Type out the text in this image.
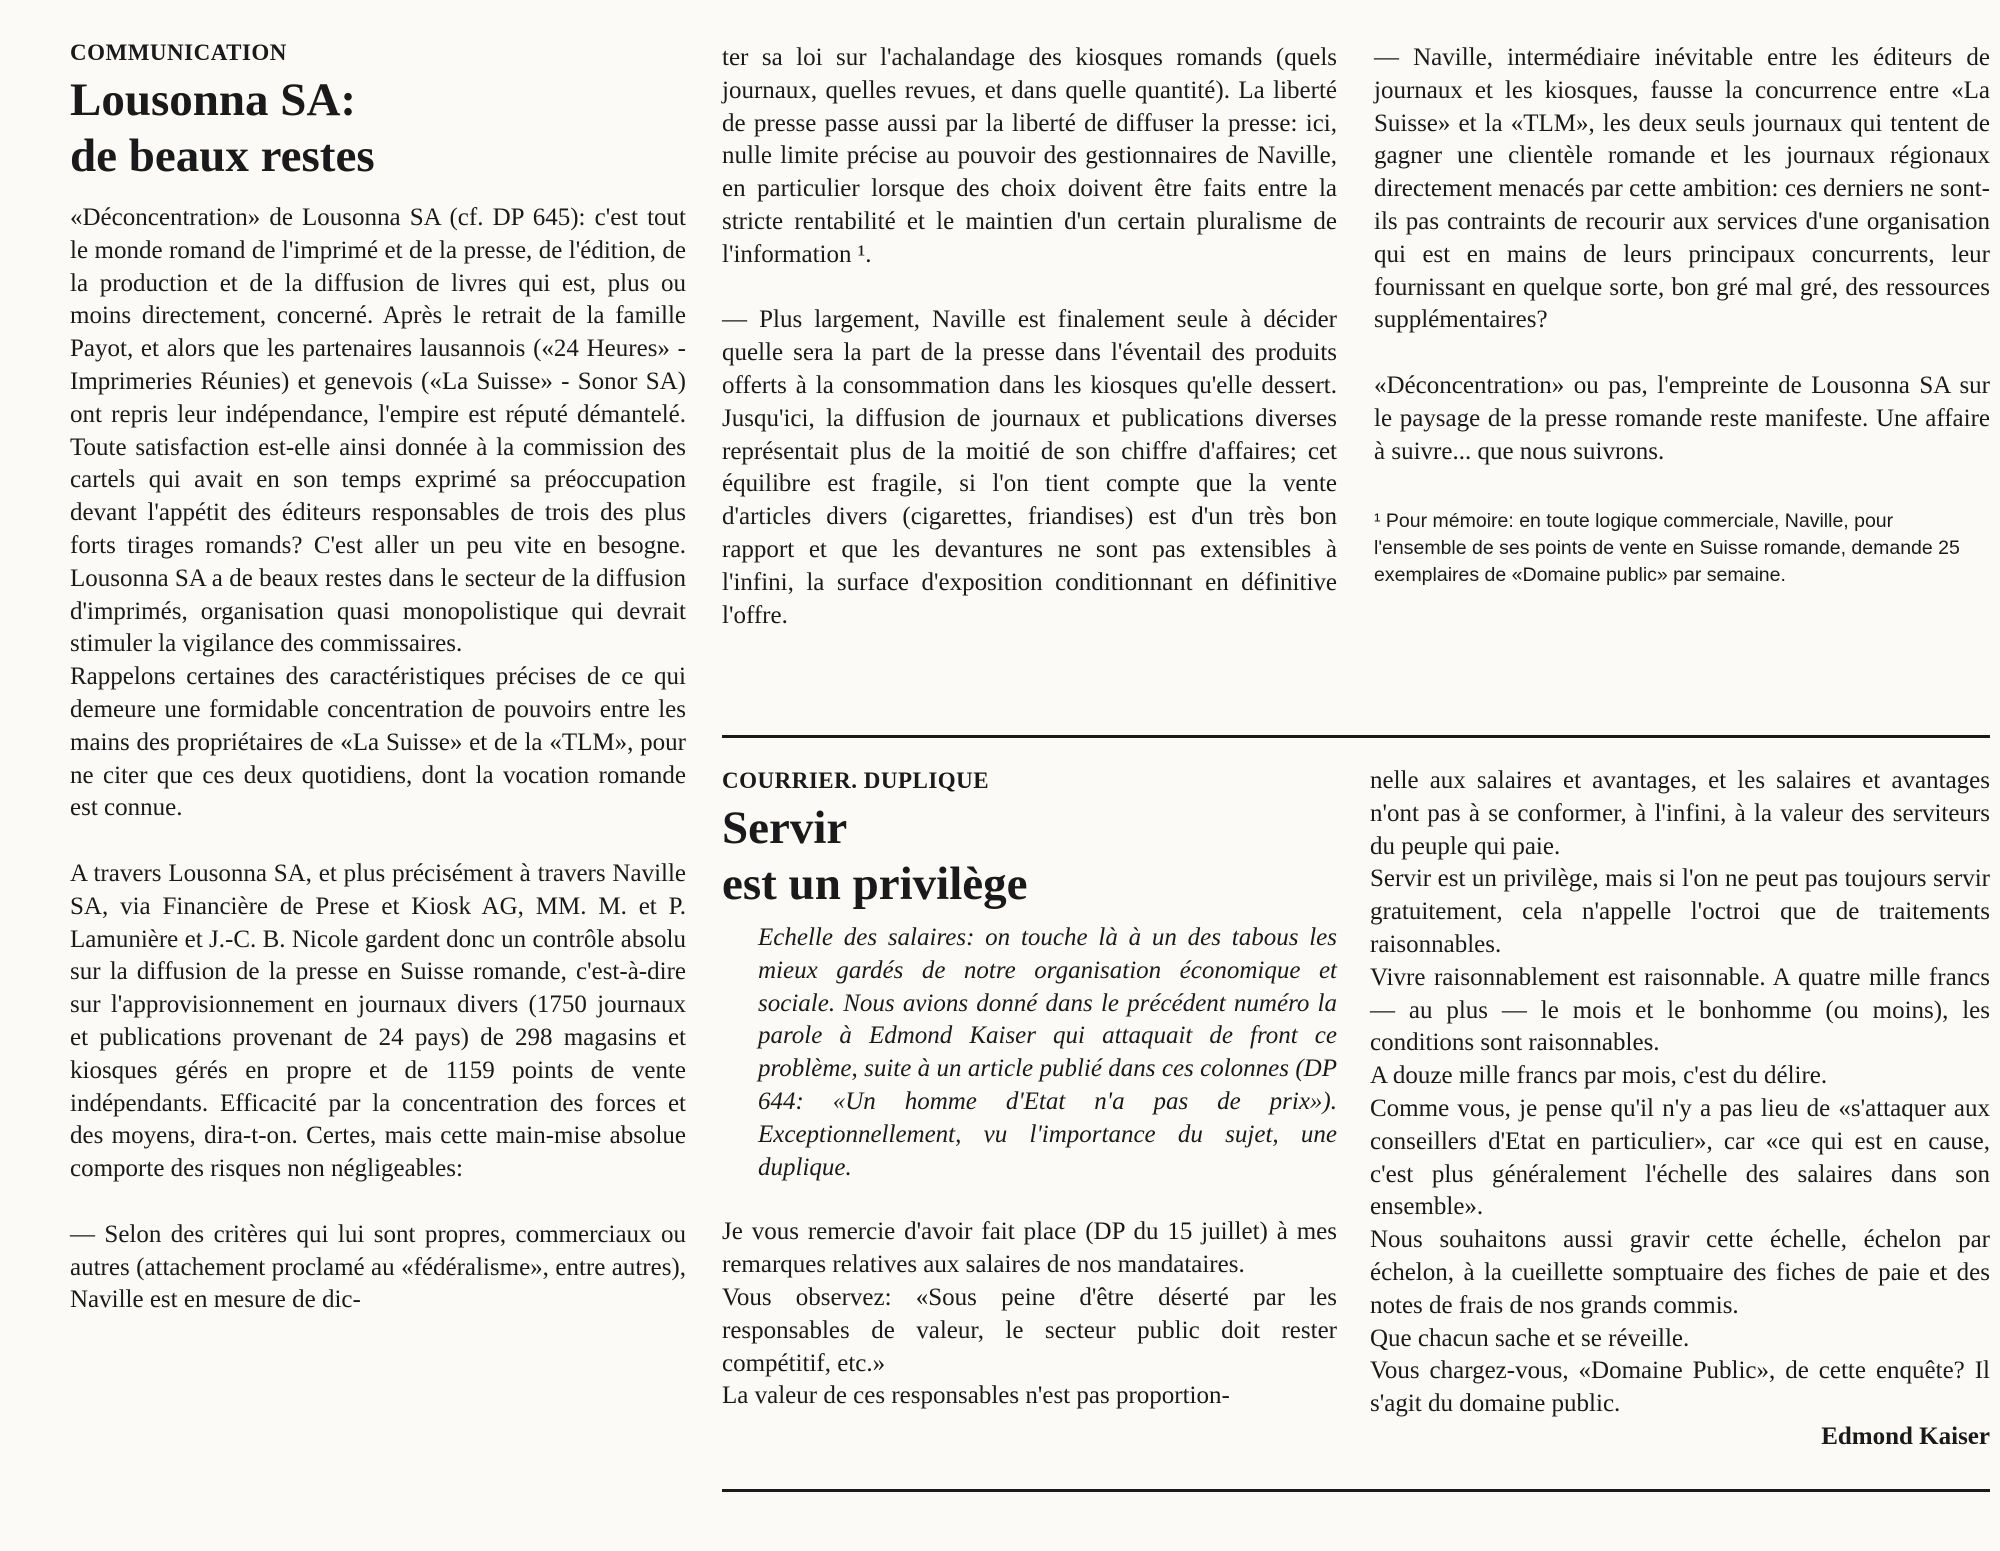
COMMUNICATION
Lousonna SA:
de beaux restes

«Déconcentration» de Lousonna SA (cf. DP 645): c'est tout le monde romand de l'imprimé et de la presse, de l'édition, de la production et de la diffusion de livres qui est, plus ou moins directement, concerné. Après le retrait de la famille Payot, et alors que les partenaires lausannois («24 Heures» - Imprimeries Réunies) et genevois («La Suisse» - Sonor SA) ont repris leur indépendance, l'empire est réputé démantelé. Toute satisfaction est-elle ainsi donnée à la commission des cartels qui avait en son temps exprimé sa préoccupation devant l'appétit des éditeurs responsables de trois des plus forts tirages romands? C'est aller un peu vite en besogne. Lousonna SA a de beaux restes dans le secteur de la diffusion d'imprimés, organisation quasi monopolistique qui devrait stimuler la vigilance des commissaires.

Rappelons certaines des caractéristiques précises de ce qui demeure une formidable concentration de pouvoirs entre les mains des propriétaires de «La Suisse» et de la «TLM», pour ne citer que ces deux quotidiens, dont la vocation romande est connue.

A travers Lousonna SA, et plus précisément à travers Naville SA, via Financière de Prese et Kiosk AG, MM. M. et P. Lamunière et J.-C. B. Nicole gardent donc un contrôle absolu sur la diffusion de la presse en Suisse romande, c'est-à-dire sur l'approvisionnement en journaux divers (1750 journaux et publications provenant de 24 pays) de 298 magasins et kiosques gérés en propre et de 1159 points de vente indépendants. Efficacité par la concentration des forces et des moyens, dira-t-on. Certes, mais cette main-mise absolue comporte des risques non négligeables:

— Selon des critères qui lui sont propres, commerciaux ou autres (attachement proclamé au «fédéralisme», entre autres), Naville est en mesure de dic-

ter sa loi sur l'achalandage des kiosques romands (quels journaux, quelles revues, et dans quelle quantité). La liberté de presse passe aussi par la liberté de diffuser la presse: ici, nulle limite précise au pouvoir des gestionnaires de Naville, en particulier lorsque des choix doivent être faits entre la stricte rentabilité et le maintien d'un certain pluralisme de l'information ¹.

— Plus largement, Naville est finalement seule à décider quelle sera la part de la presse dans l'éventail des produits offerts à la consommation dans les kiosques qu'elle dessert. Jusqu'ici, la diffusion de journaux et publications diverses représentait plus de la moitié de son chiffre d'affaires; cet équilibre est fragile, si l'on tient compte que la vente d'articles divers (cigarettes, friandises) est d'un très bon rapport et que les devantures ne sont pas extensibles à l'infini, la surface d'exposition conditionnant en définitive l'offre.

— Naville, intermédiaire inévitable entre les éditeurs de journaux et les kiosques, fausse la concurrence entre «La Suisse» et la «TLM», les deux seuls journaux qui tentent de gagner une clientèle romande et les journaux régionaux directement menacés par cette ambition: ces derniers ne sont-ils pas contraints de recourir aux services d'une organisation qui est en mains de leurs principaux concurrents, leur fournissant en quelque sorte, bon gré mal gré, des ressources supplémentaires?

«Déconcentration» ou pas, l'empreinte de Lousonna SA sur le paysage de la presse romande reste manifeste. Une affaire à suivre... que nous suivrons.

¹ Pour mémoire: en toute logique commerciale, Naville, pour l'ensemble de ses points de vente en Suisse romande, demande 25 exemplaires de «Domaine public» par semaine.

COURRIER. DUPLIQUE
Servir
est un privilège

Echelle des salaires: on touche là à un des tabous les mieux gardés de notre organisation économique et sociale. Nous avions donné dans le précédent numéro la parole à Edmond Kaiser qui attaquait de front ce problème, suite à un article publié dans ces colonnes (DP 644: «Un homme d'Etat n'a pas de prix»). Exceptionnellement, vu l'importance du sujet, une duplique.

Je vous remercie d'avoir fait place (DP du 15 juillet) à mes remarques relatives aux salaires de nos mandataires.

Vous observez: «Sous peine d'être déserté par les responsables de valeur, le secteur public doit rester compétitif, etc.»

La valeur de ces responsables n'est pas proportion-

nelle aux salaires et avantages, et les salaires et avantages n'ont pas à se conformer, à l'infini, à la valeur des serviteurs du peuple qui paie.

Servir est un privilège, mais si l'on ne peut pas toujours servir gratuitement, cela n'appelle l'octroi que de traitements raisonnables.

Vivre raisonnablement est raisonnable. A quatre mille francs — au plus — le mois et le bonhomme (ou moins), les conditions sont raisonnables.

A douze mille francs par mois, c'est du délire.

Comme vous, je pense qu'il n'y a pas lieu de «s'attaquer aux conseillers d'Etat en particulier», car «ce qui est en cause, c'est plus généralement l'échelle des salaires dans son ensemble».

Nous souhaitons aussi gravir cette échelle, échelon par échelon, à la cueillette somptuaire des fiches de paie et des notes de frais de nos grands commis.

Que chacun sache et se réveille.

Vous chargez-vous, «Domaine Public», de cette enquête? Il s'agit du domaine public.

Edmond Kaiser
